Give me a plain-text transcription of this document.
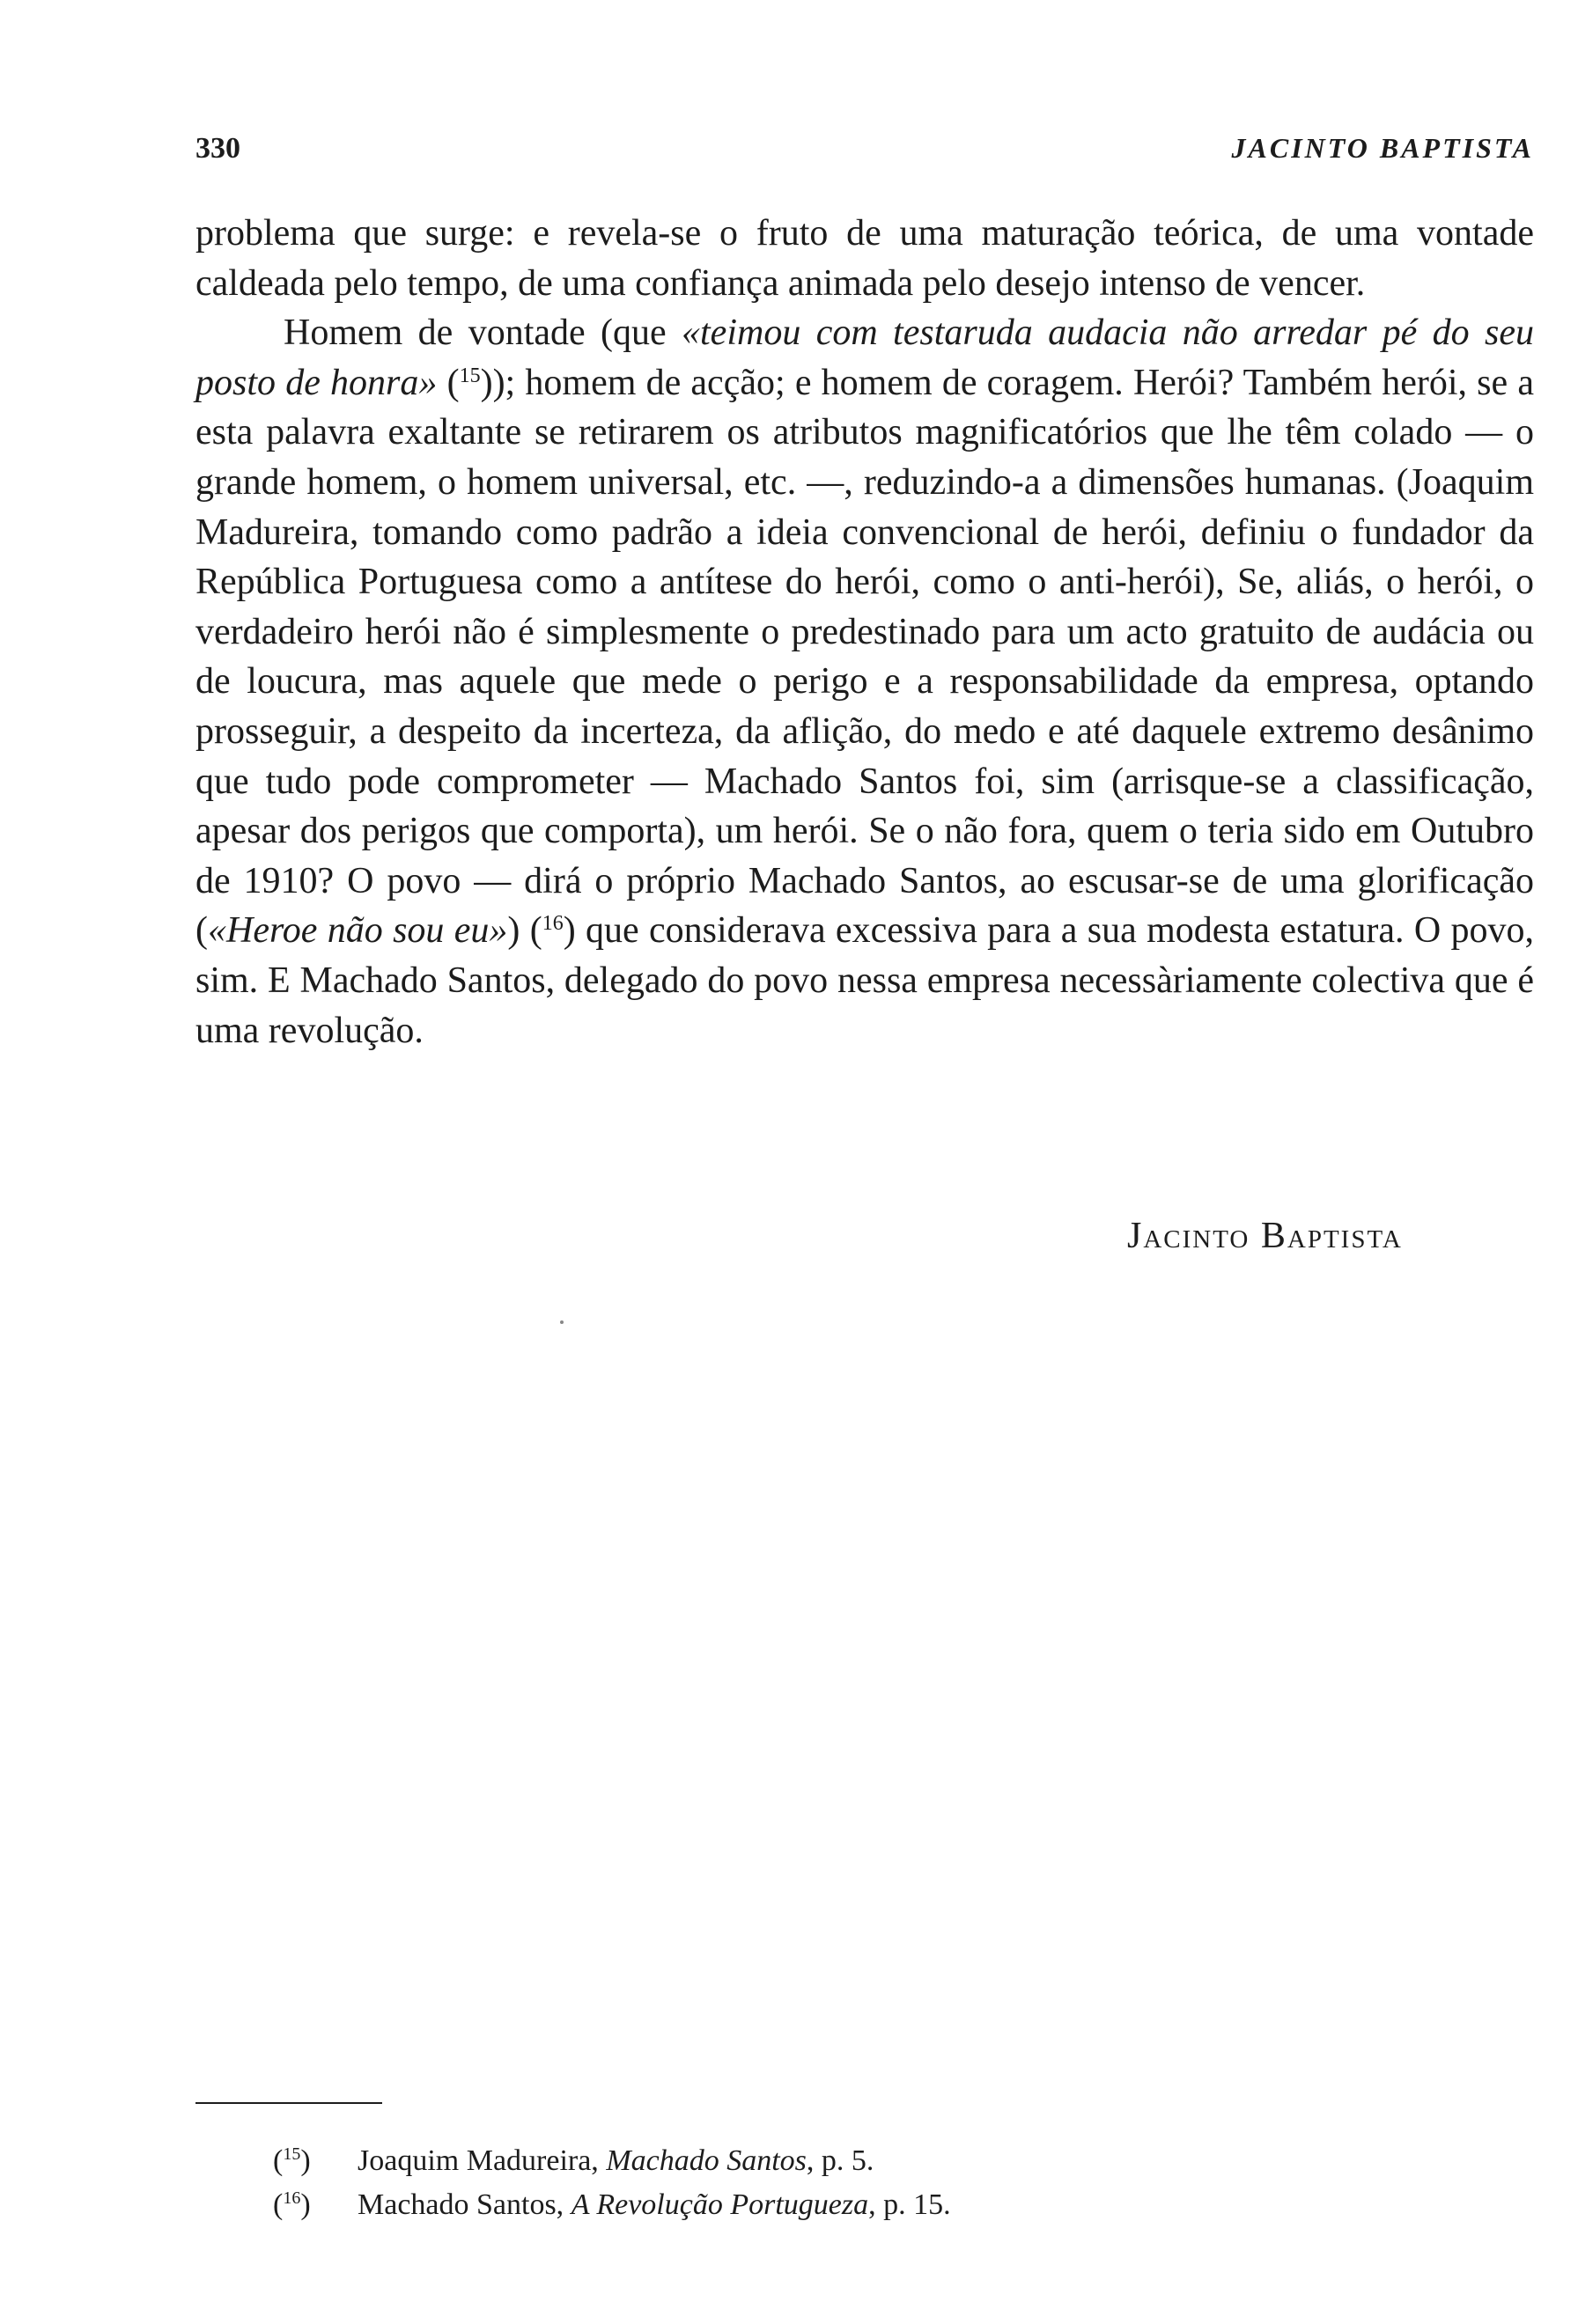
330	JACINTO BAPTISTA

problema que surge: e revela-se o fruto de uma maturação teórica, de uma vontade caldeada pelo tempo, de uma confiança animada pelo desejo intenso de vencer.

Homem de vontade (que «teimou com testaruda audacia não arredar pé do seu posto de honra» ($^{15}$)); homem de acção; e homem de coragem. Herói? Também herói, se a esta palavra exaltante se retirarem os atributos magnificatórios que lhe têm colado — o grande homem, o homem universal, etc. —, reduzindo-a a dimensões humanas. (Joaquim Madureira, tomando como padrão a ideia convencional de herói, definiu o fundador da República Portuguesa como a antítese do herói, como o anti-herói), Se, aliás, o herói, o verdadeiro herói não é simplesmente o predestinado para um acto gratuito de audácia ou de loucura, mas aquele que mede o perigo e a responsabilidade da empresa, optando prosseguir, a despeito da incerteza, da aflição, do medo e até daquele extremo desânimo que tudo pode comprometer — Machado Santos foi, sim (arrisque-se a classificação, apesar dos perigos que comporta), um herói. Se o não fora, quem o teria sido em Outubro de 1910? O povo — dirá o próprio Machado Santos, ao escusar-se de uma glorificação («Heroe não sou eu») ($^{16}$) que considerava excessiva para a sua modesta estatura. O povo, sim. E Machado Santos, delegado do povo nessa empresa necessàriamente colectiva que é uma revolução.

Jacinto Baptista
($^{15}$) Joaquim Madureira, Machado Santos, p. 5.
($^{16}$) Machado Santos, A Revolução Portugueza, p. 15.
